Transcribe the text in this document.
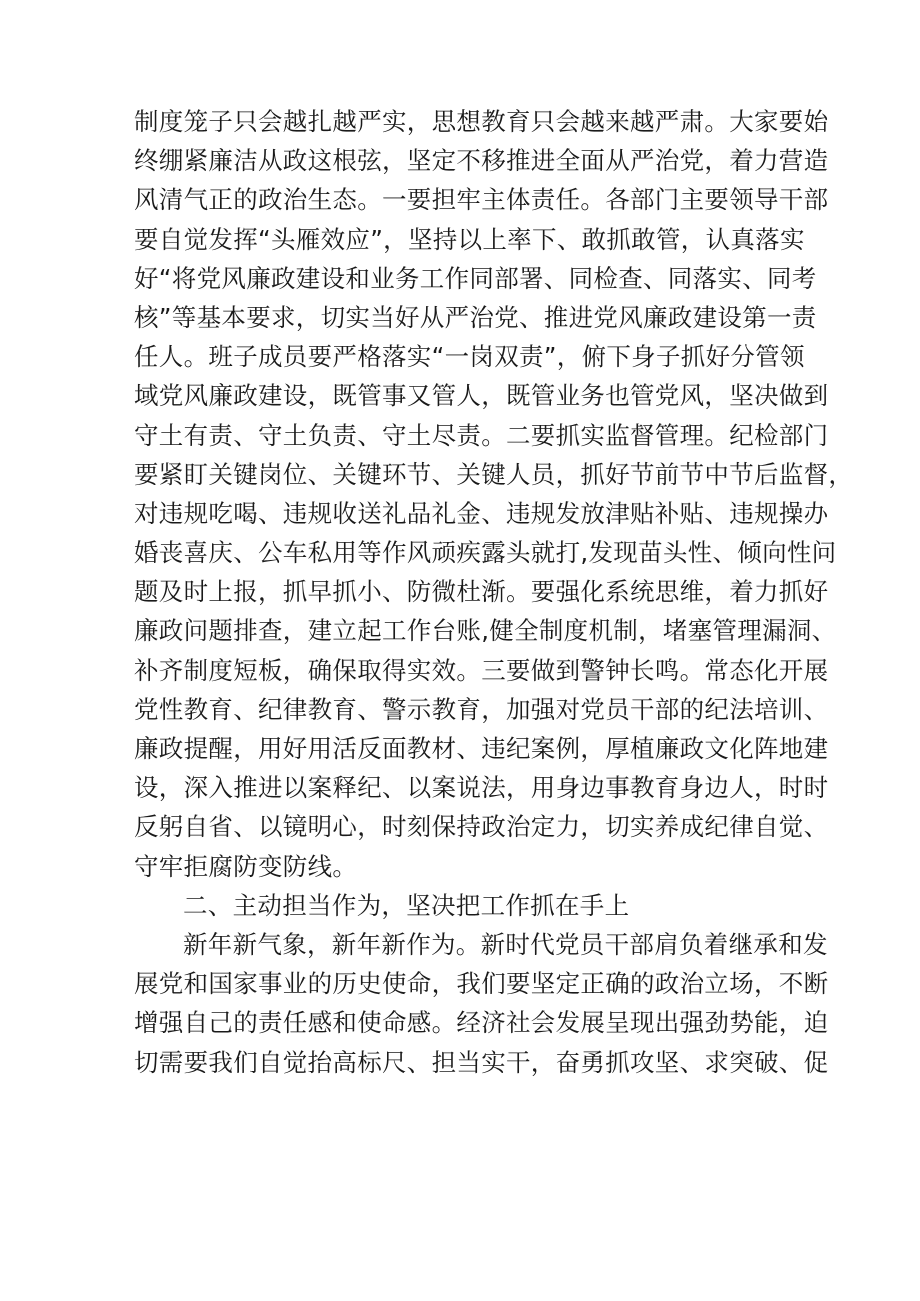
制度笼子只会越扎越严实，思想教育只会越来越严肃。大家要始
终绷紧廉洁从政这根弦，坚定不移推进全面从严治党，着力营造
风清气正的政治生态。一要担牢主体责任。各部门主要领导干部
要自觉发挥“头雁效应”，坚持以上率下、敢抓敢管，认真落实
好“将党风廉政建设和业务工作同部署、同检查、同落实、同考
核”等基本要求，切实当好从严治党、推进党风廉政建设第一责
任人。班子成员要严格落实“一岗双责”，俯下身子抓好分管领
域党风廉政建设，既管事又管人，既管业务也管党风，坚决做到
守土有责、守土负责、守土尽责。二要抓实监督管理。纪检部门
要紧盯关键岗位、关键环节、关键人员，抓好节前节中节后监督，
对违规吃喝、违规收送礼品礼金、违规发放津贴补贴、违规操办
婚丧喜庆、公车私用等作风顽疾露头就打,发现苗头性、倾向性问
题及时上报，抓早抓小、防微杜渐。要强化系统思维，着力抓好
廉政问题排查，建立起工作台账,健全制度机制，堵塞管理漏洞、
补齐制度短板，确保取得实效。三要做到警钟长鸣。常态化开展
党性教育、纪律教育、警示教育，加强对党员干部的纪法培训、
廉政提醒，用好用活反面教材、违纪案例，厚植廉政文化阵地建
设，深入推进以案释纪、以案说法，用身边事教育身边人，时时
反躬自省、以镜明心，时刻保持政治定力，切实养成纪律自觉、
守牢拒腐防变防线。
二、主动担当作为，坚决把工作抓在手上
新年新气象，新年新作为。新时代党员干部肩负着继承和发
展党和国家事业的历史使命，我们要坚定正确的政治立场，不断
增强自己的责任感和使命感。经济社会发展呈现出强劲势能，迫
切需要我们自觉抬高标尺、担当实干，奋勇抓攻坚、求突破、促
